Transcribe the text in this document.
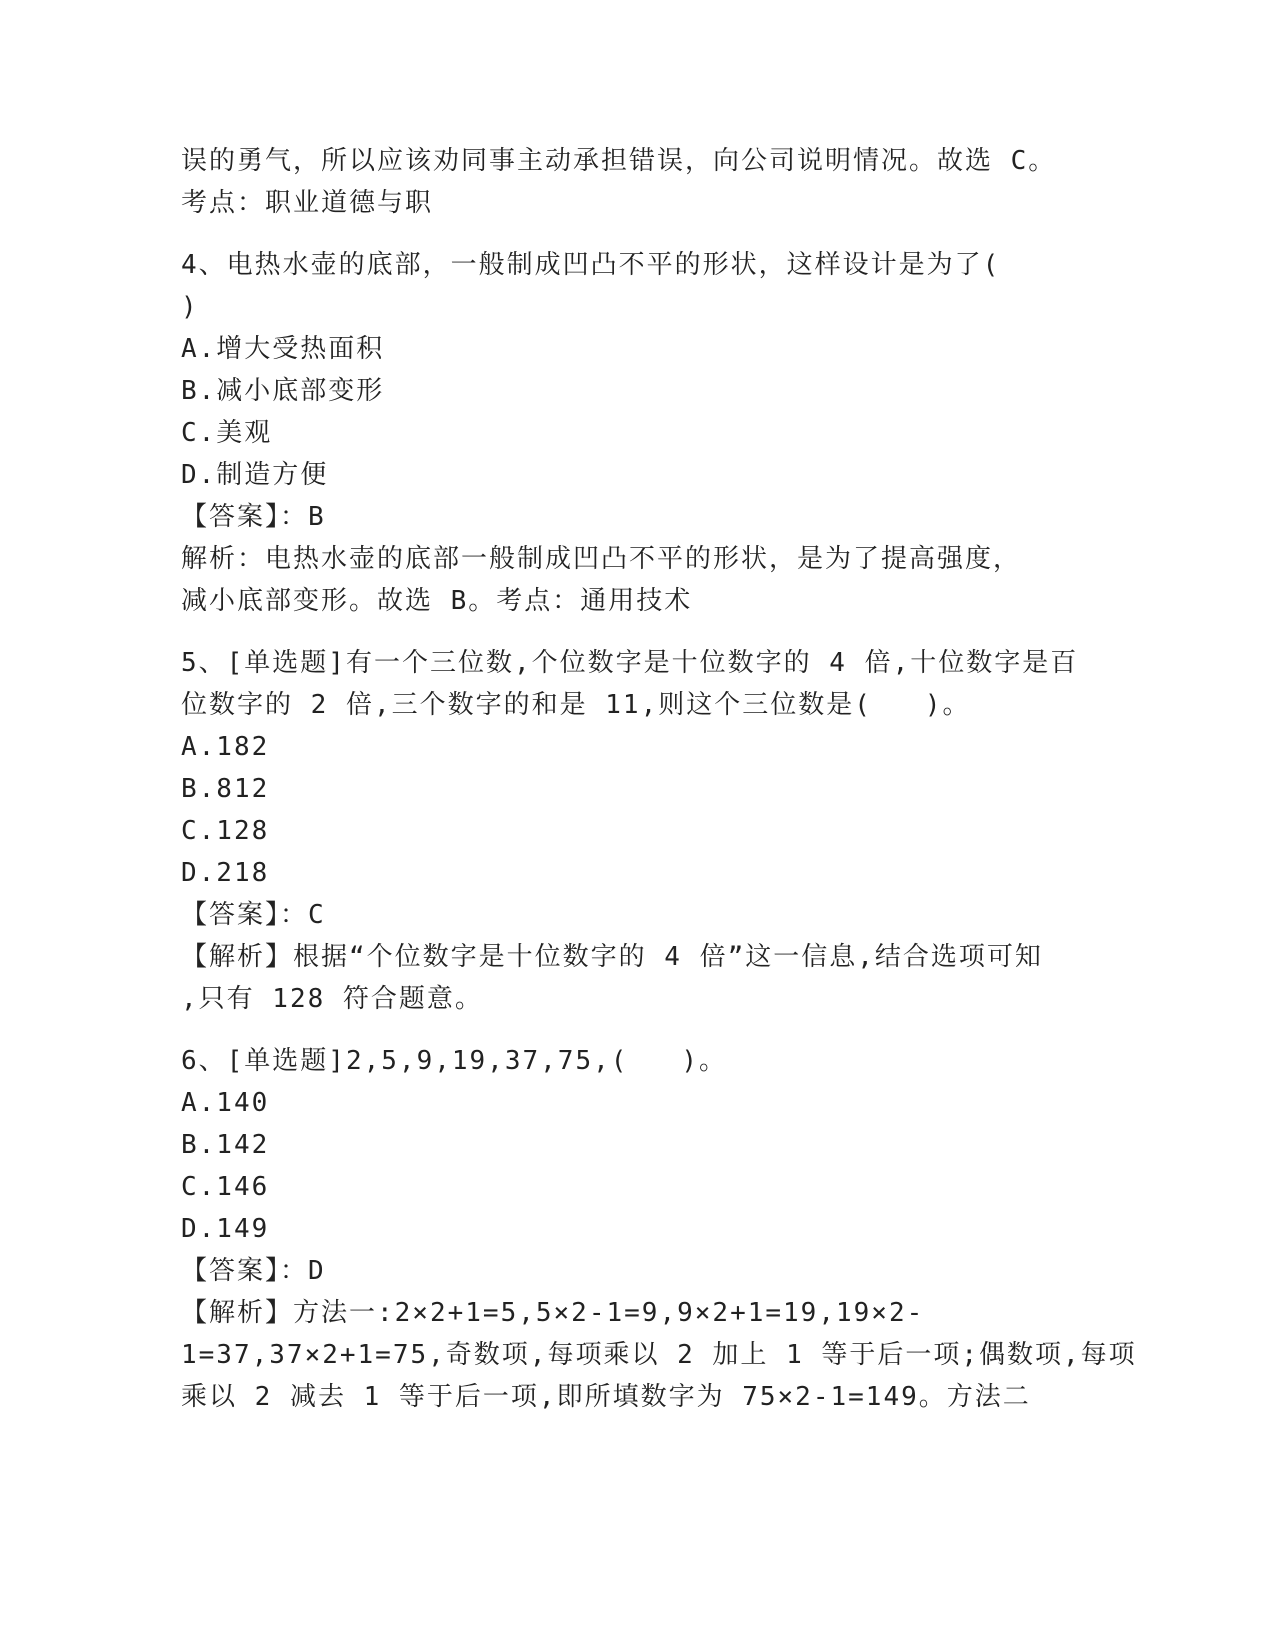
误的勇气，所以应该劝同事主动承担错误，向公司说明情况。故选 C。
考点：职业道德与职
4、电热水壶的底部，一般制成凹凸不平的形状，这样设计是为了(
)
A.增大受热面积
B.减小底部变形
C.美观
D.制造方便
【答案】：B
解析：电热水壶的底部一般制成凹凸不平的形状，是为了提高强度，
减小底部变形。故选 B。考点：通用技术
5、[单选题]有一个三位数,个位数字是十位数字的 4 倍,十位数字是百
位数字的 2 倍,三个数字的和是 11,则这个三位数是(   )。
A.182
B.812
C.128
D.218
【答案】：C
【解析】根据“个位数字是十位数字的 4 倍”这一信息,结合选项可知
,只有 128 符合题意。
6、[单选题]2,5,9,19,37,75,(   )。
A.140
B.142
C.146
D.149
【答案】：D
【解析】方法一:2×2+1=5,5×2-1=9,9×2+1=19,19×2-
1=37,37×2+1=75,奇数项,每项乘以 2 加上 1 等于后一项;偶数项,每项
乘以 2 减去 1 等于后一项,即所填数字为 75×2-1=149。方法二
